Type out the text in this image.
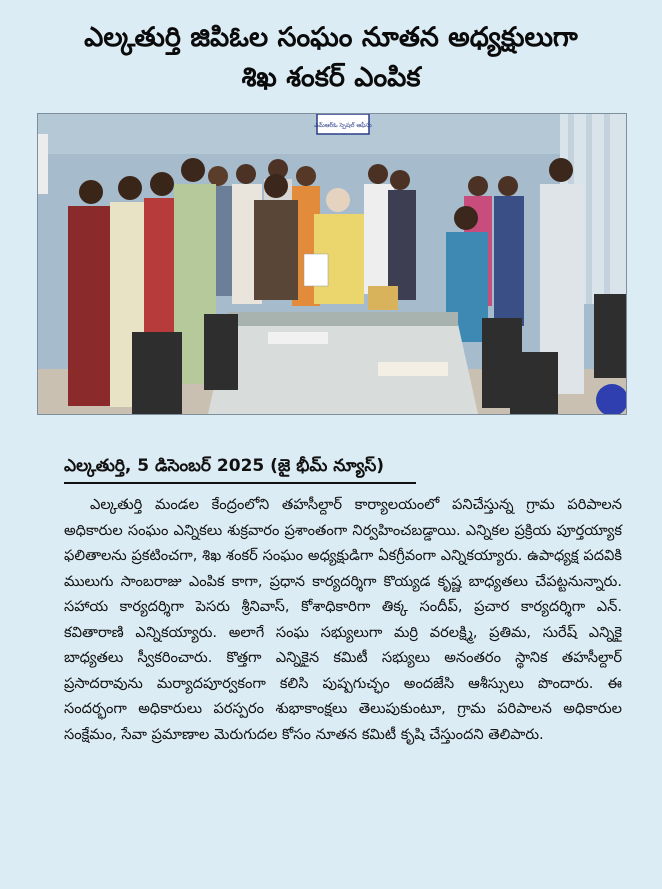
ఎల్కతుర్తి జిపిఓల సంఘం నూతన అధ్యక్షులుగా
శిఖ శంకర్ ఎంపిక
ఎమ్ఆర్ఓ స్పెషల్ ఆఫీసు
ఎల్కతుర్తి, 5 డిసెంబర్ 2025 (జై భీమ్ న్యూస్)

ఎల్కతుర్తి మండల కేంద్రంలోని తహసీల్దార్ కార్యాలయంలో పనిచేస్తున్న గ్రామ పరిపాలన అధికారుల సంఘం ఎన్నికలు శుక్రవారం ప్రశాంతంగా నిర్వహించబడ్డాయి. ఎన్నికల ప్రక్రియ పూర్తయ్యాక ఫలితాలను ప్రకటించగా, శిఖ శంకర్ సంఘం అధ్యక్షుడిగా ఏకగ్రీవంగా ఎన్నికయ్యారు. ఉపాధ్యక్ష పదవికి ములుగు సాంబరాజు ఎంపిక కాగా, ప్రధాన కార్యదర్శిగా కొయ్యడ కృష్ణ బాధ్యతలు చేపట్టనున్నారు. సహాయ కార్యదర్శిగా పెసరు శ్రీనివాస్, కోశాధికారిగా తిక్క సందీప్, ప్రచార కార్యదర్శిగా ఎన్. కవితారాణి ఎన్నికయ్యారు. అలాగే సంఘ సభ్యులుగా మర్రి వరలక్ష్మి, ప్రతిమ, సురేష్ ఎన్నికై బాధ్యతలు స్వీకరించారు. కొత్తగా ఎన్నికైన కమిటీ సభ్యులు అనంతరం స్థానిక తహసీల్దార్ ప్రసాదరావును మర్యాదపూర్వకంగా కలిసి పుష్పగుచ్ఛం అందజేసి ఆశీస్సులు పొందారు. ఈ సందర్భంగా అధికారులు పరస్పరం శుభాకాంక్షలు తెలుపుకుంటూ, గ్రామ పరిపాలన అధికారుల సంక్షేమం, సేవా ప్రమాణాల మెరుగుదల కోసం నూతన కమిటీ కృషి చేస్తుందని తెలిపారు.
